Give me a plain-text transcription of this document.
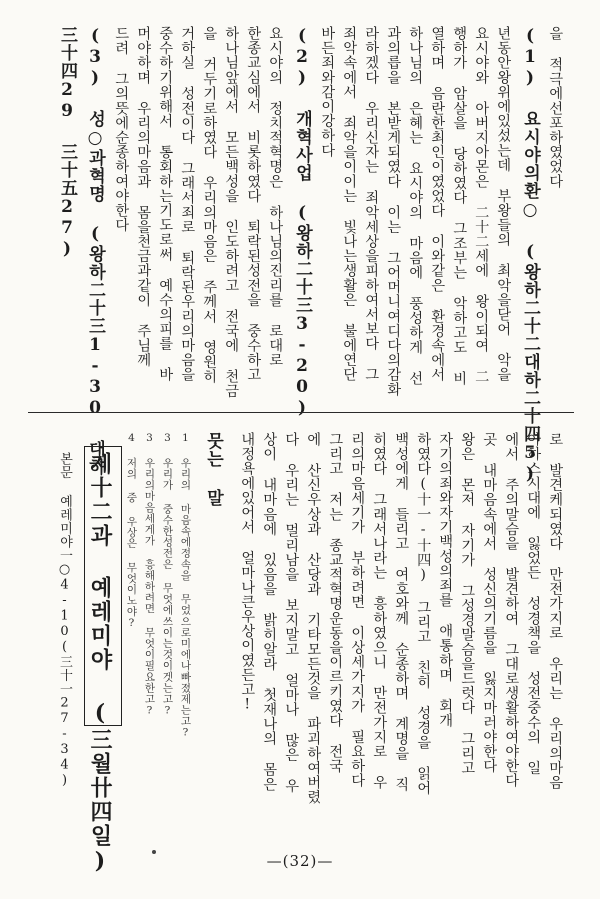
을 적극에선포하였었다
(1) 요시야의환○ (왕하二十二대하二十四5)
년동안왕위에있섰는데 부왕들의 최악을닫어 악을
요시야와 아버지아몬은 二十二세에 왕이되여 二
행하가 암살을 당하였다 그조부는 악하고도 비
열하며 음란한최인이였었다 이와같은 환경속에서
하나님의 은혜는 요시야의 마음에 풍성하게 선
과의릅을 본받게되였다 이는 그어머니여디다의감화
라하겠다 우리신자는 죄악세상을피하여서보다 그
죄악속에서 죄악을이이는 빛나는생활은 불에연단
바든죄와감이강하다
(2) 개혁사업 (왕하二十三3-20)
요시야의 정치적혁명은 하나님의진리를 로대로
한종교심에서 비롯하였다 퇴락된성전을 중수하고
하나님앞에서 모든백성을 인도하려고 전국에 천금
을 거두기로하였다 우리의마음은 주께서 영원히
거하실 성전이다 그래서죄로 퇴락된우리의마음을
중수하기위해서 통회하는기도로써 예수의피를 바
머야하며 우리의마음과 몸을천금과같이 주님께
드려 그의뜻에순종하여야한다
(3) 성○과혁명 (왕하二十三1-30 대하
三十四29 三十五27)
로 발견케되였다 만전가지로 우리는 우리의마음
아하스시대에 잃었든 성경책을 성전중수의 일
에서 주의말슴을 발견하여 그대로생활하여야한다
곳 내마음속에서 성신의기름을 잃지마러야한다
왕은 몬저 자기가 그성경말슴을드럿다 그리고
자기의죄와자기백성의죄를 애통하며 회개
하였다(十一-十四) 그리고 친히 성경을 읽어
백성에게 들리고 여호와께 순종하며 계명을 직
히였다 그래서나라는 흥하였으니 만전가지로 우
리의마음세기가 부하려면 이상세가지가 필요하다
그리고 저는 종교적혁명운동을이르키였다 전국
에 산신우상과 산당과 기타모든것을 파괴하여버렸
다 우리는 멀리남을 보지말고 얼마나 많은 우
상이 내마음에 있음을 밝히알라 첫재나의 몸은
내정욕에있어서 얼마나큰우상이였든고!
뭇는 말
1 우리의 마음속에정속을 무었으로미에나빠졌제는고?
3 우리가 중수한성전은 무엇에쓰이는것이겟는고?
3 우리의마음세게가 흥해하려면 무엇이필요한고?
4 저의 중 우상은 무엇이노야?
제十二과 예레미야 (三월卄四일)
본문 예레미야一○4-10(三十一27-34)
—(32)—
